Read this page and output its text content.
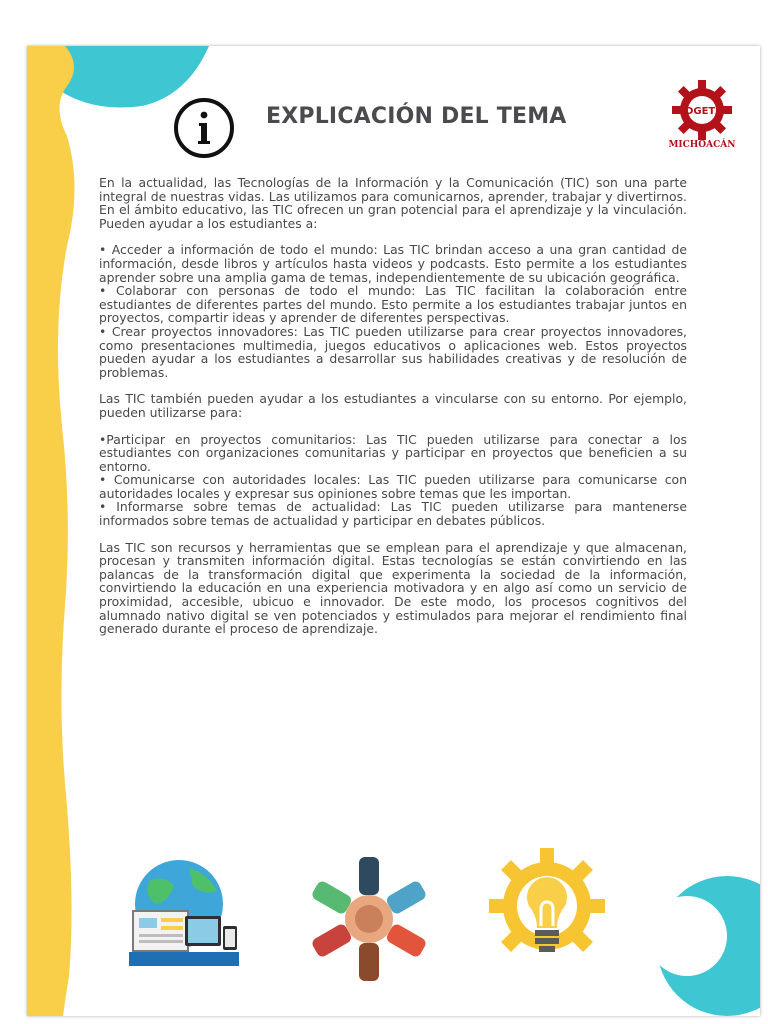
EXPLICACIÓN DEL TEMA	DGETI
MICHOACÁN

En la actualidad, las Tecnologías de la Información y la Comunicación (TIC) son una parte integral de nuestras vidas. Las utilizamos para comunicarnos, aprender, trabajar y divertirnos. En el ámbito educativo, las TIC ofrecen un gran potencial para el aprendizaje y la vinculación. Pueden ayudar a los estudiantes a:

• Acceder a información de todo el mundo: Las TIC brindan acceso a una gran cantidad de información, desde libros y artículos hasta videos y podcasts. Esto permite a los estudiantes aprender sobre una amplia gama de temas, independientemente de su ubicación geográfica.

• Colaborar con personas de todo el mundo: Las TIC facilitan la colaboración entre estudiantes de diferentes partes del mundo. Esto permite a los estudiantes trabajar juntos en proyectos, compartir ideas y aprender de diferentes perspectivas.

• Crear proyectos innovadores: Las TIC pueden utilizarse para crear proyectos innovadores, como presentaciones multimedia, juegos educativos o aplicaciones web. Estos proyectos pueden ayudar a los estudiantes a desarrollar sus habilidades creativas y de resolución de problemas.

Las TIC también pueden ayudar a los estudiantes a vincularse con su entorno. Por ejemplo, pueden utilizarse para:

•Participar en proyectos comunitarios: Las TIC pueden utilizarse para conectar a los estudiantes con organizaciones comunitarias y participar en proyectos que beneficien a su entorno.

• Comunicarse con autoridades locales: Las TIC pueden utilizarse para comunicarse con autoridades locales y expresar sus opiniones sobre temas que les importan.

• Informarse sobre temas de actualidad: Las TIC pueden utilizarse para mantenerse informados sobre temas de actualidad y participar en debates públicos.

Las TIC son recursos y herramientas que se emplean para el aprendizaje y que almacenan, procesan y transmiten información digital. Estas tecnologías se están convirtiendo en las palancas de la transformación digital que experimenta la sociedad de la información, convirtiendo la educación en una experiencia motivadora y en algo así como un servicio de proximidad, accesible, ubicuo e innovador. De este modo, los procesos cognitivos del alumnado nativo digital se ven potenciados y estimulados para mejorar el rendimiento final generado durante el proceso de aprendizaje.
